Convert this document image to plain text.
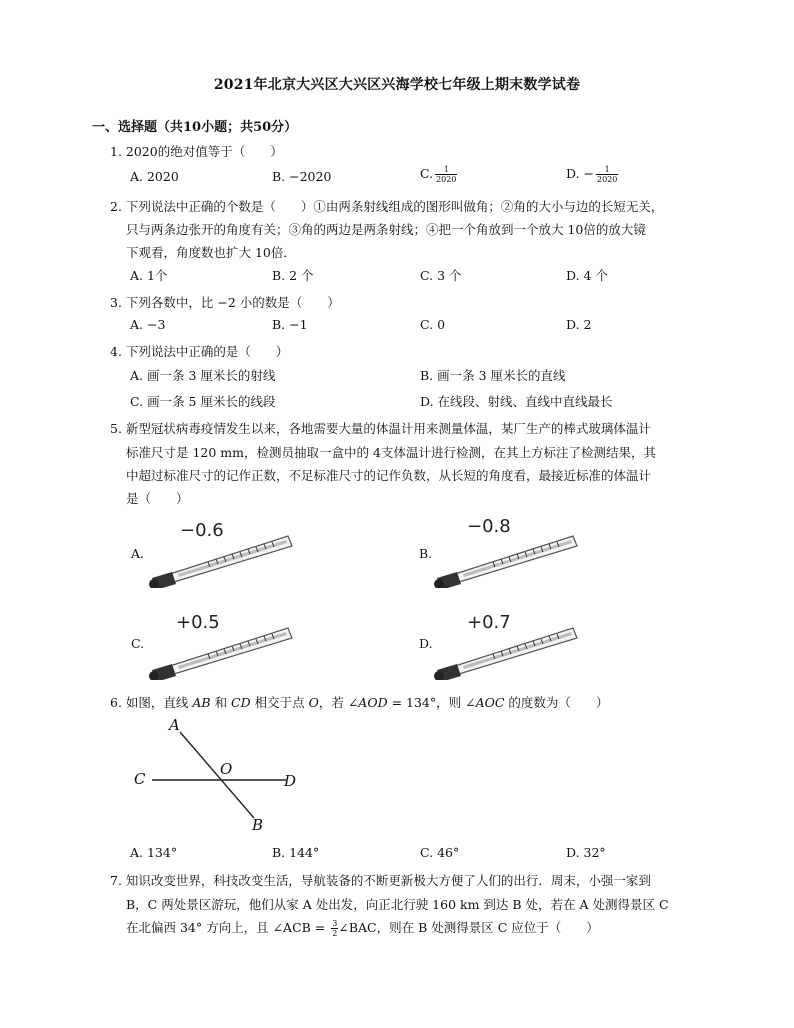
2021年北京大兴区大兴区兴海学校七年级上期末数学试卷
一、选择题（共10小题；共50分）
1. 2020的绝对值等于（　　）
A. 2020	B. −2020	C. $\frac{1}{2020}$	D. − $\frac{1}{2020}$
2. 下列说法中正确的个数是（　　）①由两条射线组成的图形叫做角；②角的大小与边的长短无关，
只与两条边张开的角度有关；③角的两边是两条射线；④把一个角放到一个放大 10倍的放大镜
下观看，角度数也扩大 10倍．
A. 1个	B. 2 个	C. 3 个	D. 4 个
3. 下列各数中，比 −2 小的数是（　　）
A. −3	B. −1	C. 0	D. 2
4. 下列说法中正确的是（　　）
A. 画一条 3 厘米长的射线	B. 画一条 3 厘米长的直线
C. 画一条 5 厘米长的线段	D. 在线段、射线、直线中直线最长
5. 新型冠状病毒疫情发生以来，各地需要大量的体温计用来测量体温，某厂生产的棒式玻璃体温计
标准尺寸是 120 mm，检测员抽取一盒中的 4支体温计进行检测，在其上方标注了检测结果，其
中超过标准尺寸的记作正数，不足标准尺寸的记作负数，从长短的角度看，最接近标准的体温计
是（　　）
A.	B.
C.	D.
−0.6	−0.8
+0.5	+0.7
6. 如图，直线 AB 和 CD 相交于点 O，若 ∠AOD = 134°，则 ∠AOC 的度数为（　　）
A
B
C	D
O
A. 134°	B. 144°	C. 46°	D. 32°
7. 知识改变世界，科技改变生活，导航装备的不断更新极大方便了人们的出行．周末，小强一家到
B，C 两处景区游玩，他们从家 A 处出发，向正北行驶 160 km 到达 B 处，若在 A 处测得景区 C
在北偏西 34° 方向上，且 ∠ACB = $\frac{3}{2}$ ∠BAC，则在 B 处测得景区 C 应位于（　　）
